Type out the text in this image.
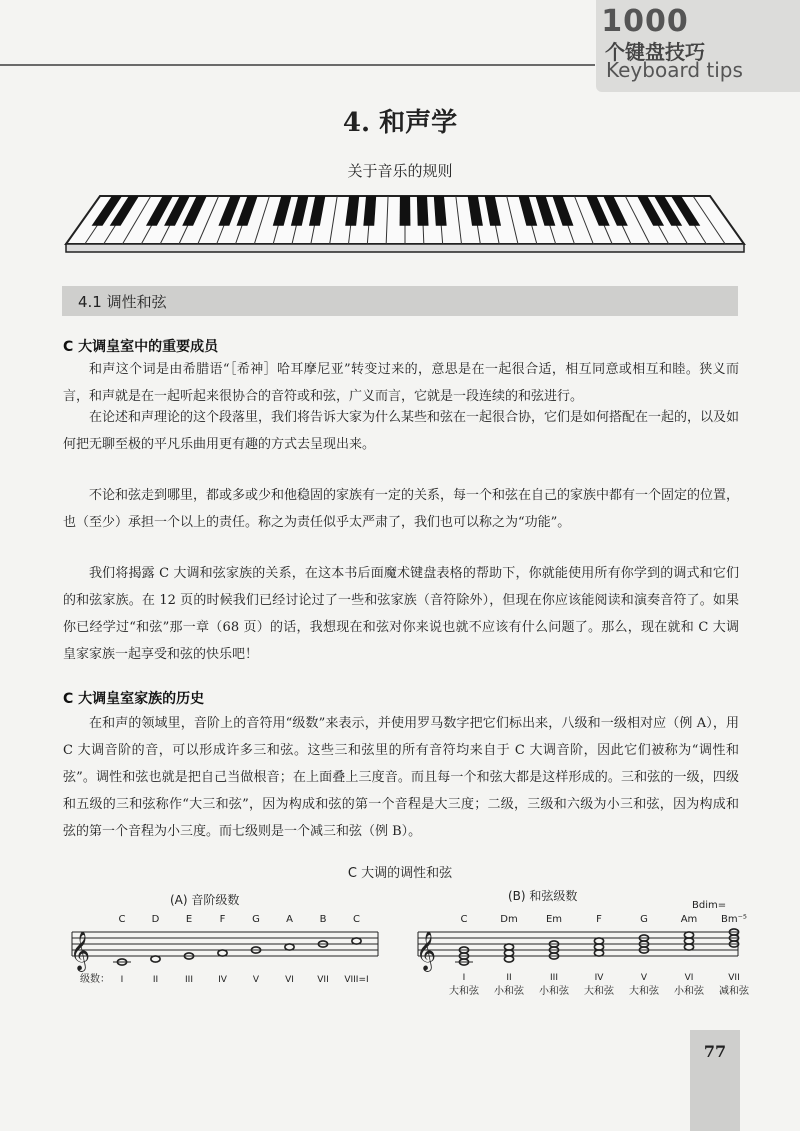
1000
个键盘技巧
Keyboard tips
4. 和声学
关于音乐的规则
4.1 调性和弦
C 大调皇室中的重要成员
和声这个词是由希腊语“［希神］哈耳摩尼亚”转变过来的，意思是在一起很合适，相互同意或相互和睦。狭义而言，和声就是在一起听起来很协合的音符或和弦，广义而言，它就是一段连续的和弦进行。
在论述和声理论的这个段落里，我们将告诉大家为什么某些和弦在一起很合协，它们是如何搭配在一起的，以及如何把无聊至极的平凡乐曲用更有趣的方式去呈现出来。
不论和弦走到哪里，都或多或少和他稳固的家族有一定的关系，每一个和弦在自己的家族中都有一个固定的位置，也（至少）承担一个以上的责任。称之为责任似乎太严肃了，我们也可以称之为“功能”。
我们将揭露 C 大调和弦家族的关系，在这本书后面魔术键盘表格的帮助下，你就能使用所有你学到的调式和它们的和弦家族。在 12 页的时候我们已经讨论过了一些和弦家族（音符除外），但现在你应该能阅读和演奏音符了。如果你已经学过“和弦”那一章（68 页）的话，我想现在和弦对你来说也就不应该有什么问题了。那么，现在就和 C 大调皇家家族一起享受和弦的快乐吧！
C 大调皇室家族的历史
在和声的领域里，音阶上的音符用“级数”来表示，并使用罗马数字把它们标出来，八级和一级相对应（例 A），用 C 大调音阶的音，可以形成许多三和弦。这些三和弦里的所有音符均来自于 C 大调音阶，因此它们被称为“调性和弦”。调性和弦也就是把自己当做根音；在上面叠上三度音。而且每一个和弦大都是这样形成的。三和弦的一级，四级和五级的三和弦称作“大三和弦”，因为构成和弦的第一个音程是大三度；二级，三级和六级为小三和弦，因为构成和弦的第一个音程为小三度。而七级则是一个减三和弦（例 B）。
C 大调的调性和弦
(A) 音阶级数
𝄞
C
I
D
II
E
III
F
IV
G
V
A
VI
B
VII
C
VIII=I
级数：
(B) 和弦级数
Bdim=
𝄞
C
I
大和弦
Dm
II
小和弦
Em
III
小和弦
F
IV
大和弦
G
V
大和弦
Am
VI
小和弦
Bm⁻⁵
VII
减和弦
77
